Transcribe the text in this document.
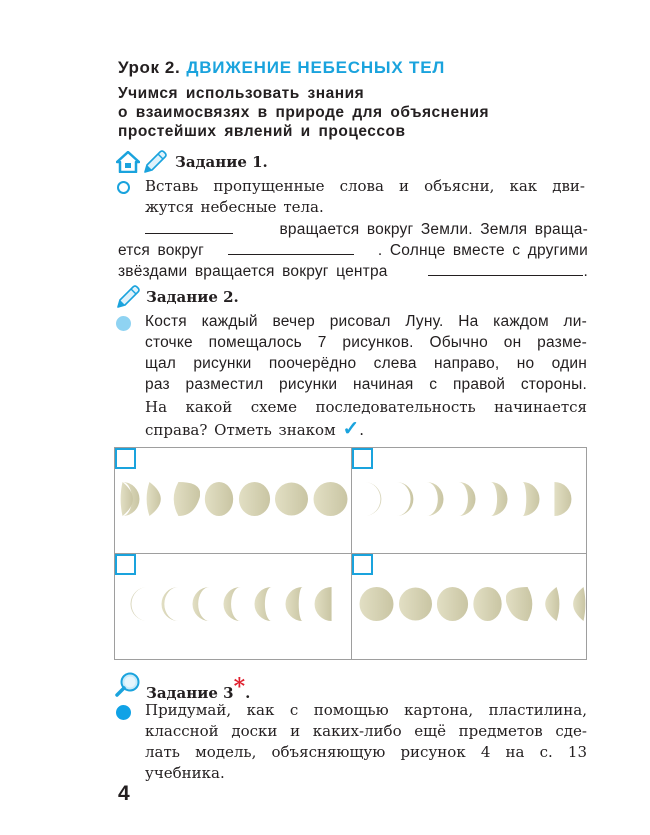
Урок 2. ДВИЖЕНИЕ НЕБЕСНЫХ ТЕЛ
Учимся использовать знания
о взаимосвязях в природе для объяснения
простейших явлений и процессов
Задание 1.
Вставь пропущенные слова и объясни, как дви-
жутся небесные тела.
вращается вокруг Земли. Земля враща-
ется вокруг	. Солнце вместе с другими
звёздами вращается вокруг центра	.
Задание 2.
Костя каждый вечер рисовал Луну. На каждом ли-
сточке помещалось 7 рисунков. Обычно он разме-
щал рисунки поочерёдно слева направо, но один
раз разместил рисунки начиная с правой стороны.
На какой схеме последовательность начинается
справа? Отметь знаком ✓.
Задание 3*.
Придумай, как с помощью картона, пластилина,
классной доски и каких-либо ещё предметов сде-
лать модель, объясняющую рисунок 4 на с. 13
учебника.
4
